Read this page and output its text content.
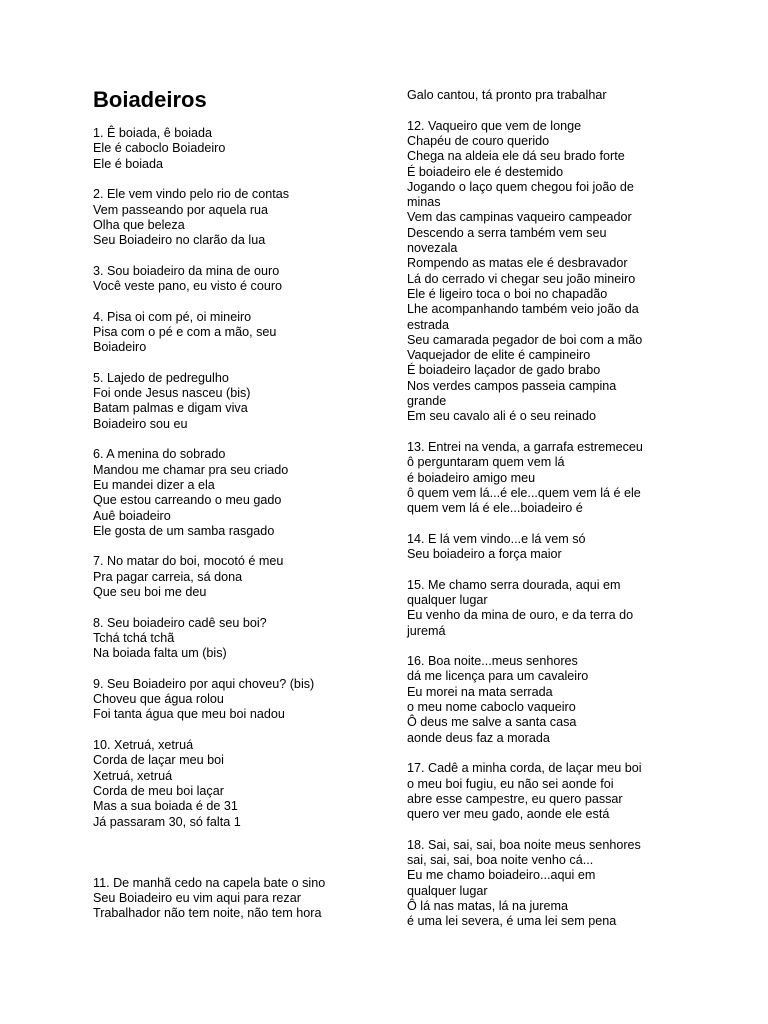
Boiadeiros
1. Ê boiada, ê boiada
Ele é caboclo Boiadeiro
Ele é boiada
2. Ele vem vindo pelo rio de contas
Vem passeando por aquela rua
Olha que beleza
Seu Boiadeiro no clarão da lua
3. Sou boiadeiro da mina de ouro
Você veste pano, eu visto é couro
4. Pisa oi com pé, oi mineiro
Pisa com o pé e com a mão, seu
Boiadeiro
5. Lajedo de pedregulho
Foi onde Jesus nasceu (bis)
Batam palmas e digam viva
Boiadeiro sou eu
6. A menina do sobrado
Mandou me chamar pra seu criado
Eu mandei dizer a ela
Que estou carreando o meu gado
Auê boiadeiro
Ele gosta de um samba rasgado
7. No matar do boi, mocotó é meu
Pra pagar carreia, sá dona
Que seu boi me deu
8. Seu boiadeiro cadê seu boi?
Tchá tchá tchã
Na boiada falta um (bis)
9. Seu Boiadeiro por aqui choveu? (bis)
Choveu que água rolou
Foi tanta água que meu boi nadou
10. Xetruá, xetruá
Corda de laçar meu boi
Xetruá, xetruá
Corda de meu boi laçar
Mas a sua boiada é de 31
Já passaram 30, só falta 1
11. De manhã cedo na capela bate o sino
Seu Boiadeiro eu vim aqui para rezar
Trabalhador não tem noite, não tem hora
Galo cantou, tá pronto pra trabalhar
12. Vaqueiro que vem de longe
Chapéu de couro querido
Chega na aldeia ele dá seu brado forte
É boiadeiro ele é destemido
Jogando o laço quem chegou foi joão de
minas
Vem das campinas vaqueiro campeador
Descendo a serra também vem seu
novezala
Rompendo as matas ele é desbravador
Lá do cerrado vi chegar seu joão mineiro
Ele é ligeiro toca o boi no chapadão
Lhe acompanhando também veio joão da
estrada
Seu camarada pegador de boi com a mão
Vaquejador de elite é campineiro
É boiadeiro laçador de gado brabo
Nos verdes campos passeia campina
grande
Em seu cavalo ali é o seu reinado
13. Entrei na venda, a garrafa estremeceu
ô perguntaram quem vem lá
é boiadeiro amigo meu
ô quem vem lá...é ele...quem vem lá é ele
quem vem lá é ele...boiadeiro é
14. E lá vem vindo...e lá vem só
Seu boiadeiro a força maior
15. Me chamo serra dourada, aqui em
qualquer lugar
Eu venho da mina de ouro, e da terra do
juremá
16. Boa noite...meus senhores
dá me licença para um cavaleiro
Eu morei na mata serrada
o meu nome caboclo vaqueiro
Ô deus me salve a santa casa
aonde deus faz a morada
17. Cadê a minha corda, de laçar meu boi
o meu boi fugiu, eu não sei aonde foi
abre esse campestre, eu quero passar
quero ver meu gado, aonde ele está
18. Sai, sai, sai, boa noite meus senhores
sai, sai, sai, boa noite venho cá...
Eu me chamo boiadeiro...aqui em
qualquer lugar
Ô lá nas matas, lá na jurema
é uma lei severa, é uma lei sem pena
